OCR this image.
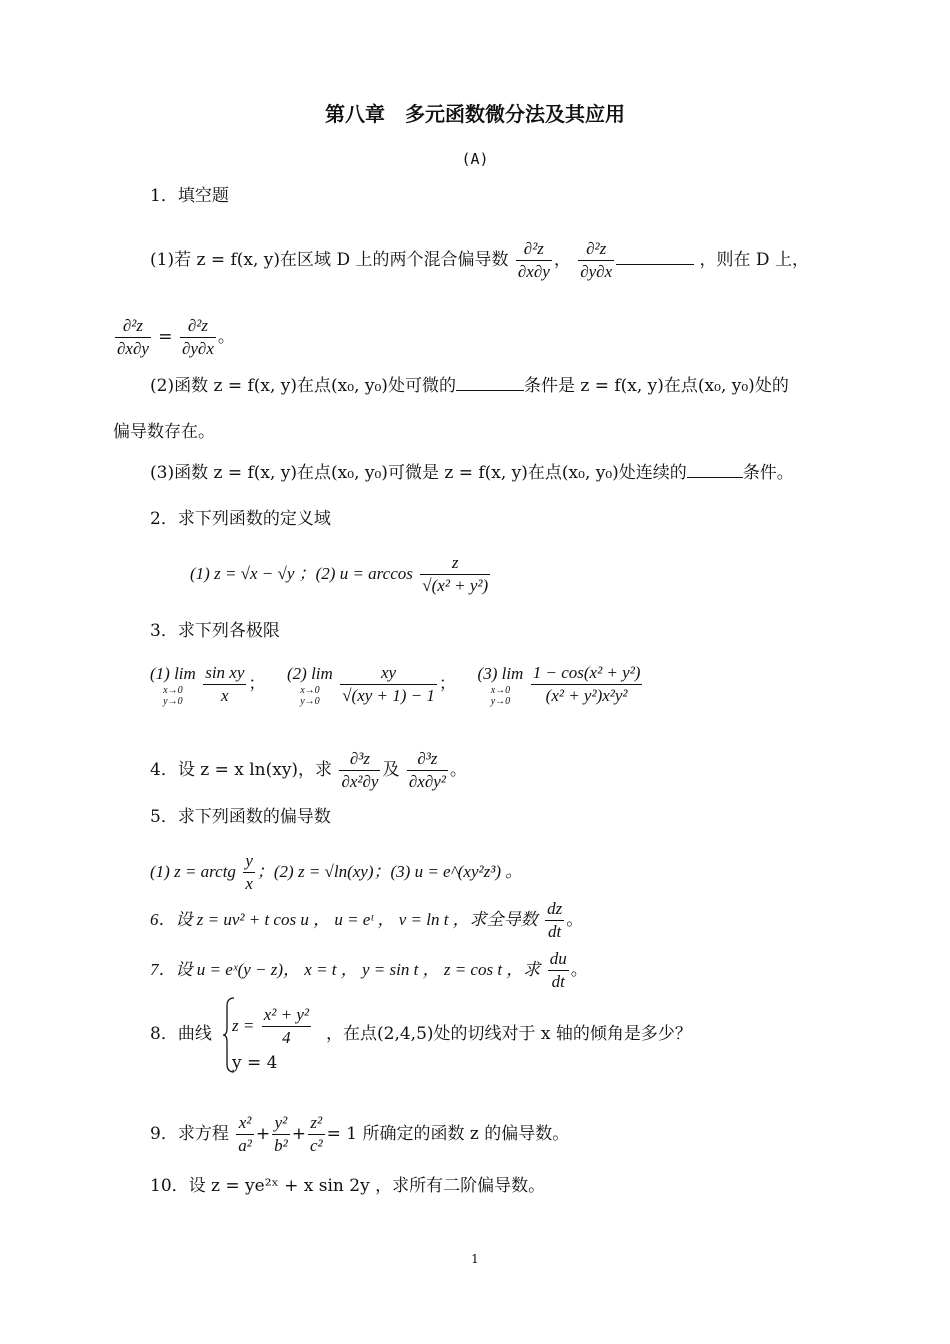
第八章　多元函数微分法及其应用
(A)
1．填空题
(1)若 z = f(x, y)在区域 D 上的两个混合偏导数 $\frac{\text{∂²z}}{\partial x\partial y}$ ， $\frac{\text{∂²z}}{\partial y\partial x}$	，则在 D 上，
$\frac{\text{∂²z}}{\partial x\partial y} = \frac{\text{∂²z}}{\partial y\partial x}$ 。
(2)函数 z = f(x, y)在点(x₀, y₀)处可微的	条件是 z = f(x, y)在点(x₀, y₀)处的
偏导数存在。
(3)函数 z = f(x, y)在点(x₀, y₀)可微是 z = f(x, y)在点(x₀, y₀)处连续的	条件。
2．求下列函数的定义域
(1) z = √x − √y ；(2) $u = \arccos \frac{z}{\text{√(x² + y²)}}$
3．求下列各极限
(1) lim
x→0
y→0
	$\frac{\text{sin xy}}{x}$ ；    (2) lim
x→0
y→0
	$\frac{xy}{√(xy + 1) - 1}$ ；    (3) lim
x→0
y→0
	$\frac{\text{1 − cos(x² + y²)}}{\text{(x² + y²)x²y²}}$
4．设 z = x ln(xy)，求 $\frac{\text{∂³z}}{\text{∂x²∂y}}$ 及 $\frac{\text{∂³z}}{\text{∂x∂y²}}$ 。
5．求下列函数的偏导数
(1) z = arctg $\frac{y}{x}$ ；(2) z = √ln(xy)；(3) u = e^(xy²z³) 。
6．设 z = uv² + t cos u ， u = eᵗ ， v = ln t ，求全导数 $\frac{dz}{dt}$ 。
7．设 u = eˣ(y − z)， x = t ， y = sin t ， z = cos t ，求 $\frac{du}{dt}$ 。
8．曲线 $z = \frac{\text{x² + y²}}{4}$
y = 4
，在点(2,4,5)处的切线对于 x 轴的倾角是多少？
9．求方程 $\frac{\text{x²}}{\text{a²}} + \frac{\text{y²}}{\text{b²}} + \frac{\text{z²}}{\text{c²}} = 1$ 所确定的函数 z 的偏导数。
10．设 z = ye²ˣ + x sin 2y ，求所有二阶偏导数。
1
